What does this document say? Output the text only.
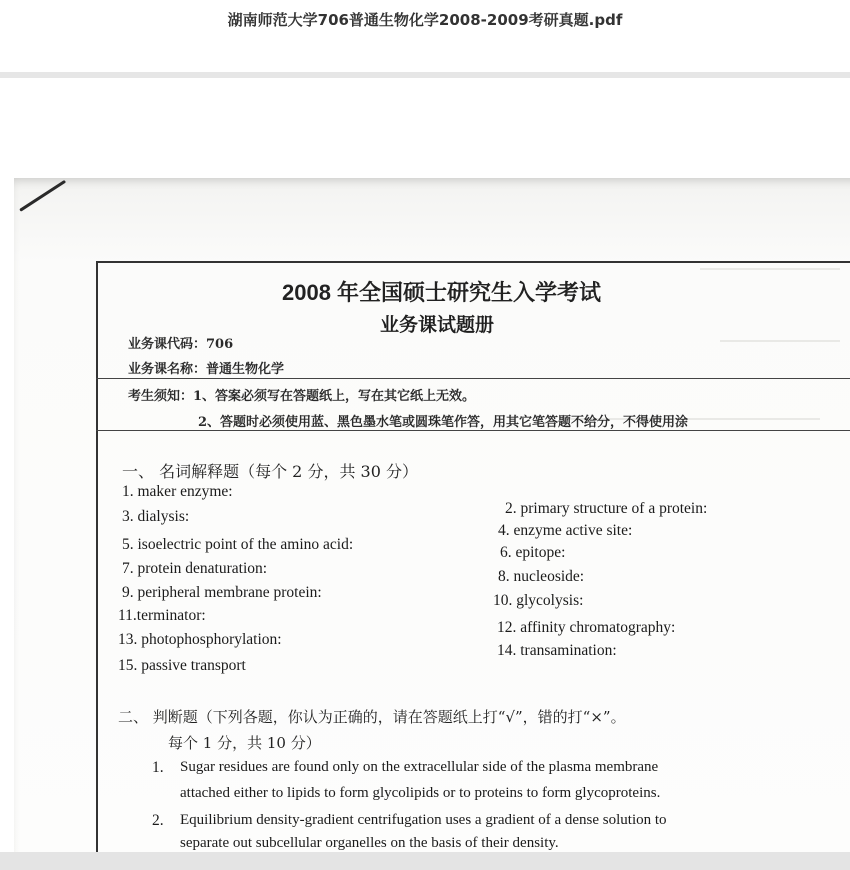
湖南师范大学706普通生物化学2008-2009考研真题.pdf
2008 年全国硕士研究生入学考试
业务课试题册
业务课代码：706
业务课名称：普通生物化学
考生须知：1、答案必须写在答题纸上，写在其它纸上无效。
2、答题时必须使用蓝、黑色墨水笔或圆珠笔作答，用其它笔答题不给分，不得使用涂
一、 名词解释题（每个 2 分，共 30 分）
1. maker enzyme:
2. primary structure of a protein:
3. dialysis:
4. enzyme active site:
5. isoelectric point of the amino acid:	6. epitope:
7. protein denaturation:	8. nucleoside:
9. peripheral membrane protein:	10. glycolysis:
11.terminator:
12. affinity chromatography:
13. photophosphorylation:
14. transamination:
15. passive transport
二、 判断题（下列各题，你认为正确的，请在答题纸上打“√”，错的打“×”。
每个 1 分，共 10 分）
1. Sugar residues are found only on the extracellular side of the plasma membrane
attached either to lipids to form glycolipids or to proteins to form glycoproteins.
2. Equilibrium density-gradient centrifugation uses a gradient of a dense solution to
separate out subcellular organelles on the basis of their density.
